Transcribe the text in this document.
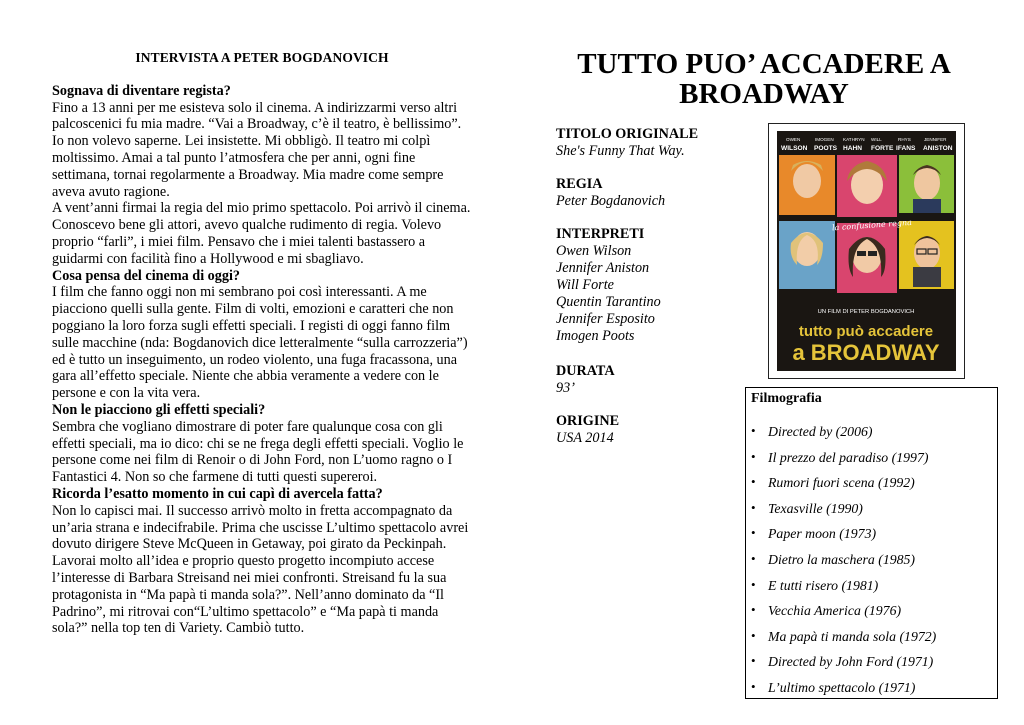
INTERVISTA A PETER BOGDANOVICH

Sognava di diventare regista?

Fino a 13 anni per me esisteva solo il cinema. A indirizzarmi verso altri palcoscenici fu mia madre. “Vai a Broadway, c’è il teatro, è bellissimo”. Io non volevo saperne. Lei insistette. Mi obbligò. Il teatro mi colpì moltissimo. Amai a tal punto l’atmosfera che per anni, ogni fine settimana, tornai regolarmente a Broadway. Mia madre come sempre aveva avuto ragione.

A vent’anni firmai la regia del mio primo spettacolo. Poi arrivò il cinema. Conoscevo bene gli attori, avevo qualche rudimento di regia. Volevo proprio “farli”, i miei film. Pensavo che i miei talenti bastassero a guidarmi con facilità fino a Hollywood e mi sbagliavo.

Cosa pensa del cinema di oggi?

I film che fanno oggi non mi sembrano poi così interessanti. A me piacciono quelli sulla gente. Film di volti, emozioni e caratteri che non poggiano la loro forza sugli effetti speciali. I registi di oggi fanno film sulle macchine (nda: Bogdanovich dice letteralmente “sulla carrozzeria”) ed è tutto un inseguimento, un rodeo violento, una fuga fracassona, una gara all’effetto speciale. Niente che abbia veramente a vedere con le persone e con la vita vera.

Non le piacciono gli effetti speciali?

Sembra che vogliano dimostrare di poter fare qualunque cosa con gli effetti speciali, ma io dico: chi se ne frega degli effetti speciali. Voglio le persone come nei film di Renoir o di John Ford, non L’uomo ragno o I Fantastici 4. Non so che farmene di tutti questi supereroi.

Ricorda l’esatto momento in cui capì di avercela fatta?

Non lo capisci mai. Il successo arrivò molto in fretta accompagnato da un’aria strana e indecifrabile. Prima che uscisse L’ultimo spettacolo avrei dovuto dirigere Steve McQueen in Getaway, poi girato da Peckinpah. Lavorai molto all’idea e proprio questo progetto incompiuto accese l’interesse di Barbara Streisand nei miei confronti. Streisand fu la sua protagonista in “Ma papà ti manda sola?”. Nell’anno dominato da “Il Padrino”, mi ritrovai con“L’ultimo spettacolo” e “Ma papà ti manda sola?” nella top ten di Variety. Cambiò tutto.

TUTTO PUO’ ACCADERE A BROADWAY
TITOLO ORIGINALE
She's Funny That Way.
REGIA
Peter Bogdanovich
INTERPRETI
Owen Wilson
Jennifer Aniston
Will Forte
Quentin Tarantino
Jennifer Esposito
Imogen Poots
DURATA
93’
ORIGINE
USA 2014
OWEN
WILSON
IMOGEN
POOTS
KATHRYN
HAHN
WILL
FORTE
RHYS
IFANS
JENNIFER
ANISTON
la confusione regna
UN FILM DI PETER BOGDANOVICH
tutto può accadere
a BROADWAY
Filmografia
• Directed by (2006)
• Il prezzo del paradiso (1997)
• Rumori fuori scena (1992)
• Texasville (1990)
• Paper moon (1973)
• Dietro la maschera (1985)
• E tutti risero (1981)
• Vecchia America (1976)
• Ma papà ti manda sola (1972)
• Directed by John Ford (1971)
• L’ultimo spettacolo (1971)
